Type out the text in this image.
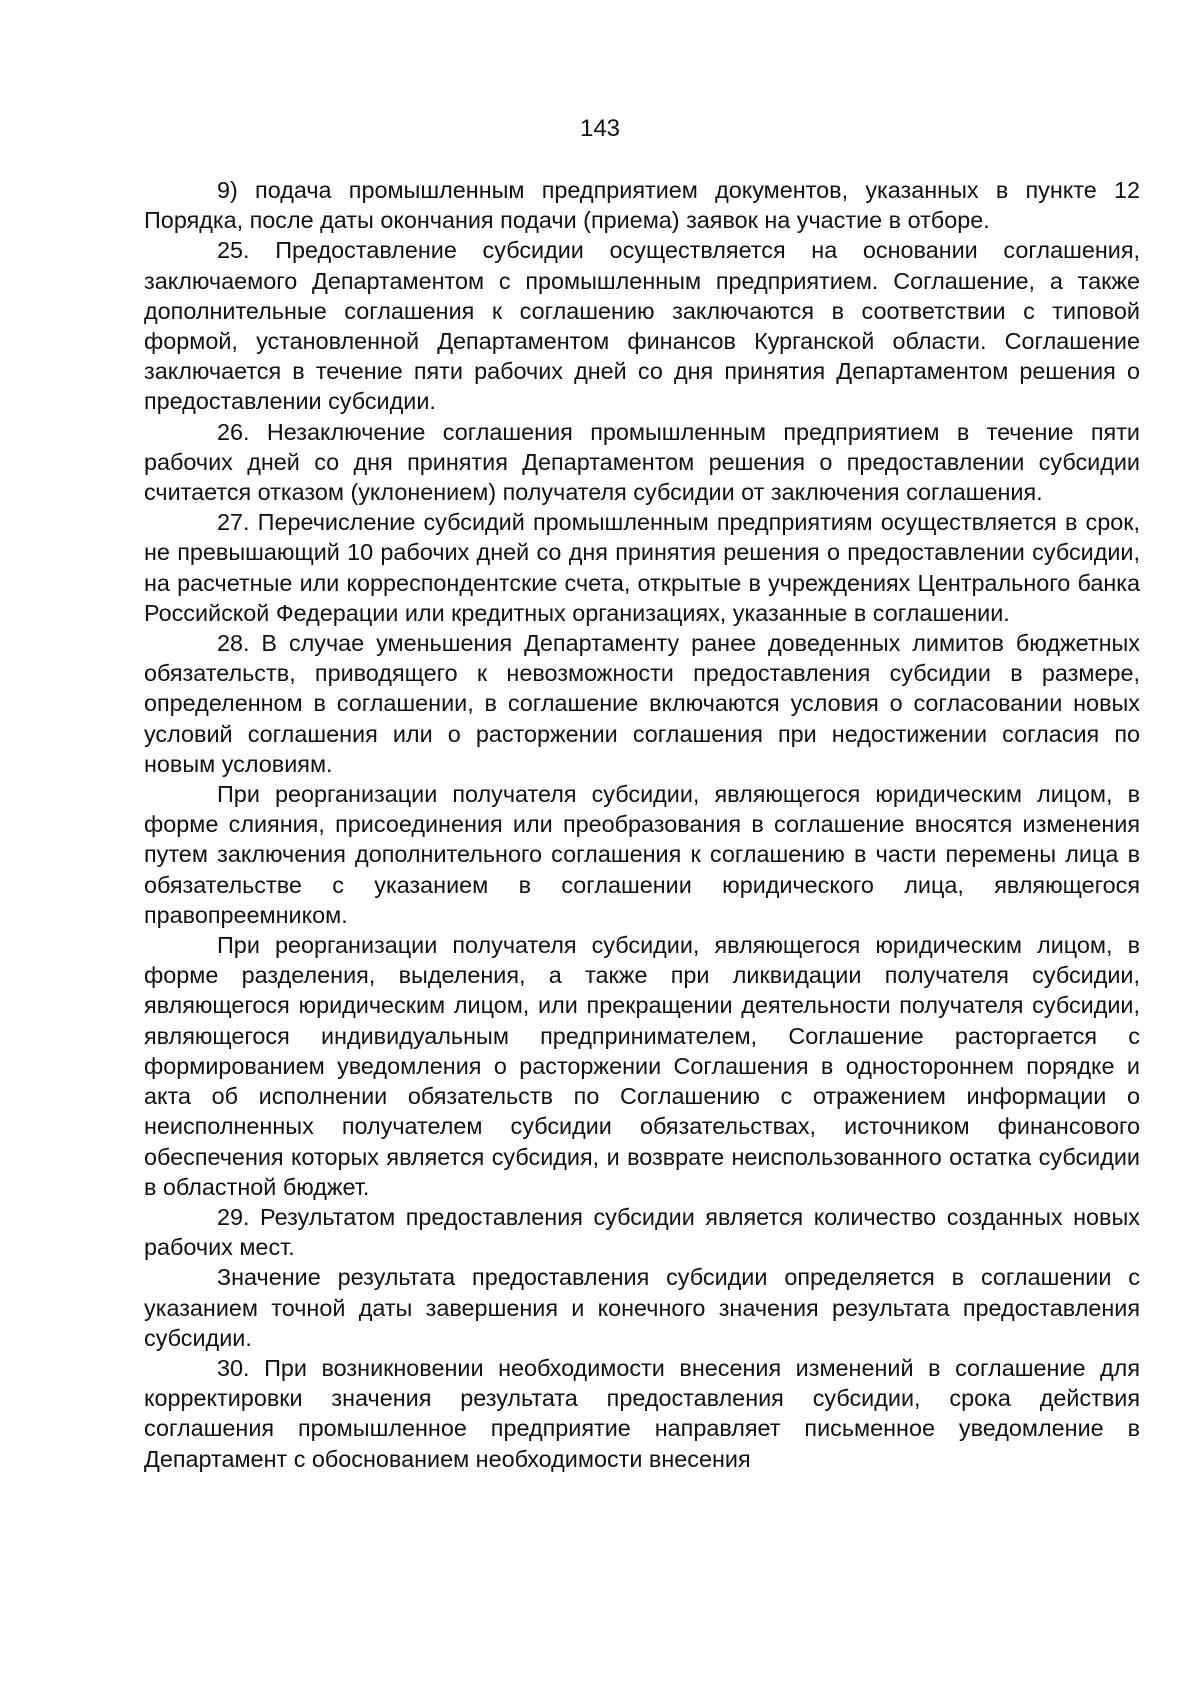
143

9) подача промышленным предприятием документов, указанных в пункте 12 Порядка, после даты окончания подачи (приема) заявок на участие в отборе.

25. Предоставление субсидии осуществляется на основании соглашения, заключаемого Департаментом с промышленным предприятием. Соглашение, а также дополнительные соглашения к соглашению заключаются в соответствии с типовой формой, установленной Департаментом финансов Курганской области. Соглашение заключается в течение пяти рабочих дней со дня принятия Департаментом решения о предоставлении субсидии.

26. Незаключение соглашения промышленным предприятием в течение пяти рабочих дней со дня принятия Департаментом решения о предоставлении субсидии считается отказом (уклонением) получателя субсидии от заключения соглашения.

27. Перечисление субсидий промышленным предприятиям осуществляется в срок, не превышающий 10 рабочих дней со дня принятия решения о предоставлении субсидии, на расчетные или корреспондентские счета, открытые в учреждениях Центрального банка Российской Федерации или кредитных организациях, указанные в соглашении.

28. В случае уменьшения Департаменту ранее доведенных лимитов бюджетных обязательств, приводящего к невозможности предоставления субсидии в размере, определенном в соглашении, в соглашение включаются условия о согласовании новых условий соглашения или о расторжении соглашения при недостижении согласия по новым условиям.

При реорганизации получателя субсидии, являющегося юридическим лицом, в форме слияния, присоединения или преобразования в соглашение вносятся изменения путем заключения дополнительного соглашения к соглашению в части перемены лица в обязательстве с указанием в соглашении юридического лица, являющегося правопреемником.

При реорганизации получателя субсидии, являющегося юридическим лицом, в форме разделения, выделения, а также при ликвидации получателя субсидии, являющегося юридическим лицом, или прекращении деятельности получателя субсидии, являющегося индивидуальным предпринимателем, Соглашение расторгается с формированием уведомления о расторжении Соглашения в одностороннем порядке и акта об исполнении обязательств по Соглашению с отражением информации о неисполненных получателем субсидии обязательствах, источником финансового обеспечения которых является субсидия, и возврате неиспользованного остатка субсидии в областной бюджет.

29. Результатом предоставления субсидии является количество созданных новых рабочих мест.

Значение результата предоставления субсидии определяется в соглашении с указанием точной даты завершения и конечного значения результата предоставления субсидии.

30. При возникновении необходимости внесения изменений в соглашение для корректировки значения результата предоставления субсидии, срока действия соглашения промышленное предприятие направляет письменное уведомление в Департамент с обоснованием необходимости внесения
